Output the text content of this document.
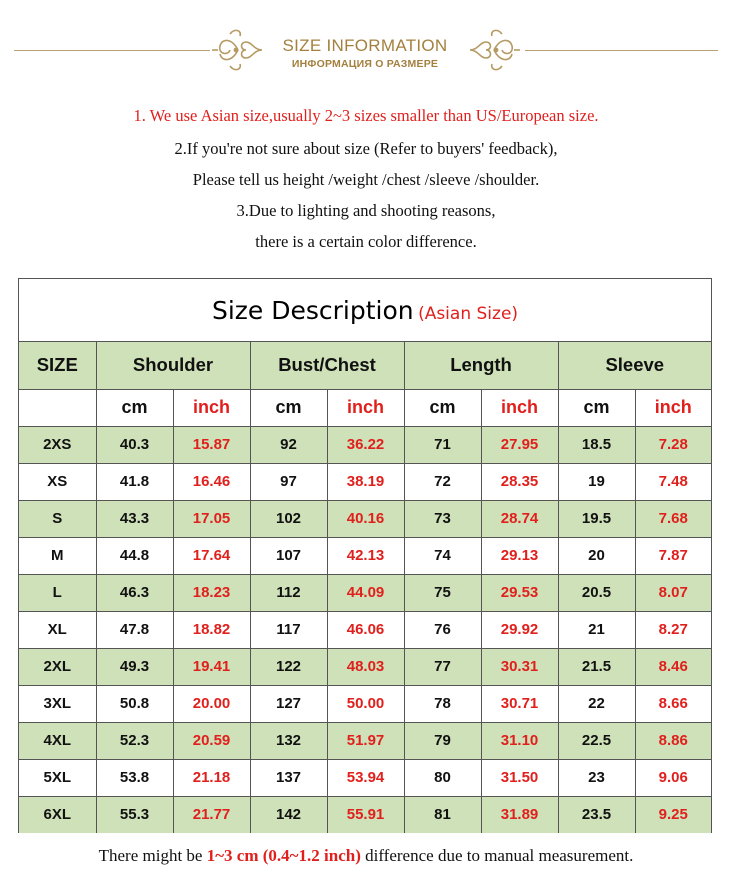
SIZE INFORMATION
ИНФОРМАЦИЯ О РАЗМЕРЕ
1. We use Asian size,usually 2~3 sizes smaller than US/European size.
2.If you're not sure about size (Refer to buyers' feedback),
Please tell us height /weight /chest /sleeve /shoulder.
3.Due to lighting and shooting reasons,
there is a certain color difference.
Size Description (Asian Size)
SIZE	Shoulder		Bust/Chest		Length		Sleeve	
	cm	inch	cm	inch	cm	inch	cm	inch
2XS	40.3	15.87	92	36.22	71	27.95	18.5	7.28
XS	41.8	16.46	97	38.19	72	28.35	19	7.48
S	43.3	17.05	102	40.16	73	28.74	19.5	7.68
M	44.8	17.64	107	42.13	74	29.13	20	7.87
L	46.3	18.23	112	44.09	75	29.53	20.5	8.07
XL	47.8	18.82	117	46.06	76	29.92	21	8.27
2XL	49.3	19.41	122	48.03	77	30.31	21.5	8.46
3XL	50.8	20.00	127	50.00	78	30.71	22	8.66
4XL	52.3	20.59	132	51.97	79	31.10	22.5	8.86
5XL	53.8	21.18	137	53.94	80	31.50	23	9.06
6XL	55.3	21.77	142	55.91	81	31.89	23.5	9.25
There might be 1~3 cm (0.4~1.2 inch) difference due to manual measurement.
